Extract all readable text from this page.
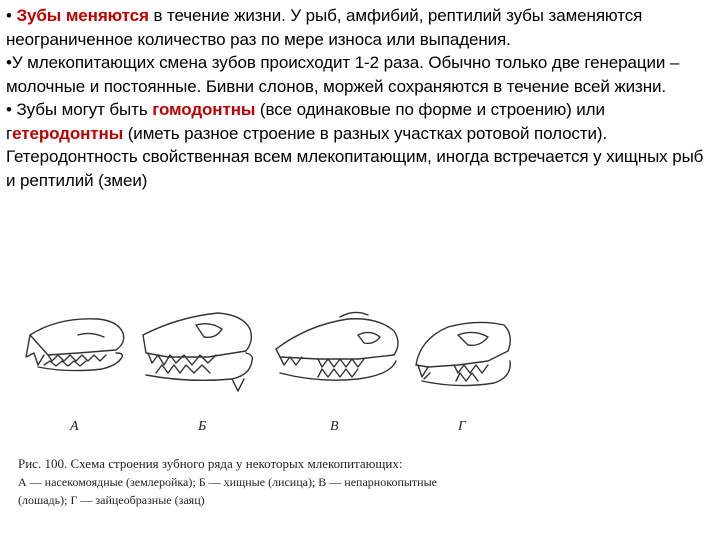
• Зубы меняются в течение жизни. У рыб, амфибий, рептилий зубы заменяются неограниченное количество раз по мере износа или выпадения.

•У млекопитающих смена зубов происходит 1-2 раза. Обычно только две генерации – молочные и постоянные. Бивни слонов, моржей сохраняются в течение всей жизни.

• Зубы могут быть гомодонтны (все одинаковые по форме и строению) или гетеродонтны (иметь разное строение в разных участках ротовой полости). Гетеродонтность свойственная всем млекопитающим, иногда встречается у хищных рыб и рептилий (змеи)

А	Б	В	Г
Рис. 100. Схема строения зубного ряда у некоторых млекопитающих:
А — насекомоядные (землеройка); Б — хищные (лисица); В — непарнокопытные
(лошадь); Г — зайцеобразные (заяц)
